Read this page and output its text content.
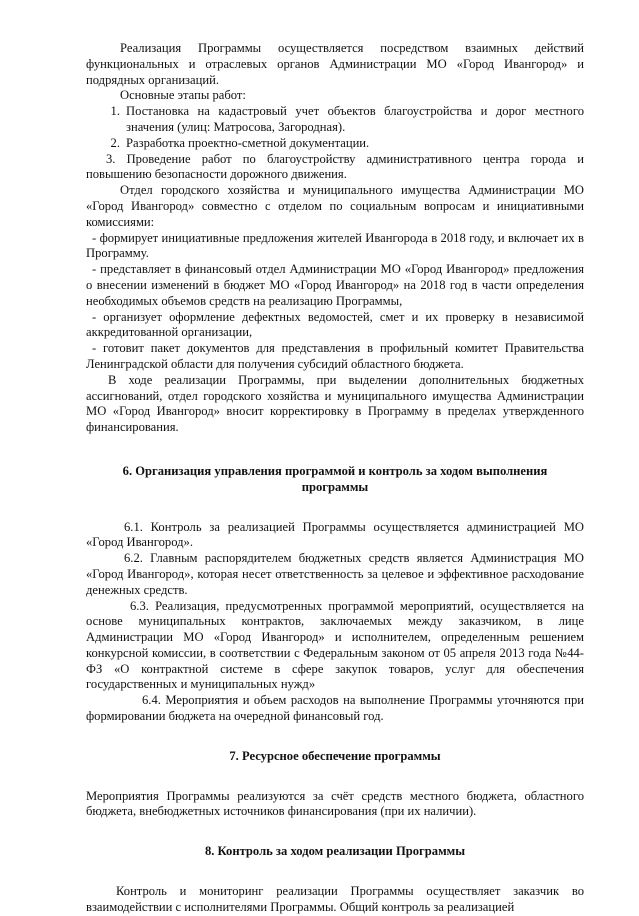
Реализация Программы осуществляется посредством взаимных действий функциональных и отраслевых органов Администрации МО «Город Ивангород» и подрядных организаций.

Основные этапы работ:

1. Постановка на кадастровый учет объектов благоустройства и дорог местного значения (улиц: Матросова, Загородная).
2. Разработка проектно-сметной документации.

3. Проведение работ по благоустройству административного центра города и повышению безопасности дорожного движения.

Отдел городского хозяйства и муниципального имущества Администрации МО «Город Ивангород» совместно с отделом по социальным вопросам и инициативными комиссиями:

- формирует инициативные предложения жителей Ивангорода в 2018 году, и включает их в Программу.

- представляет в финансовый отдел Администрации МО «Город Ивангород» предложения о внесении изменений в бюджет МО «Город Ивангород» на 2018 год в части определения необходимых объемов средств на реализацию Программы,

- организует оформление дефектных ведомостей, смет и их проверку в независимой аккредитованной организации,

- готовит пакет документов для представления в профильный комитет Правительства Ленинградской области для получения субсидий областного бюджета.

В ходе реализации Программы, при выделении дополнительных бюджетных ассигнований, отдел городского хозяйства и муниципального имущества Администрации МО «Город Ивангород» вносит корректировку в Программу в пределах утвержденного финансирования.

6. Организация управления программой и контроль за ходом выполнения программы

6.1. Контроль за реализацией Программы осуществляется администрацией МО «Город Ивангород».

6.2. Главным распорядителем бюджетных средств является Администрация МО «Город Ивангород», которая несет ответственность за целевое и эффективное расходование денежных средств.

6.3. Реализация, предусмотренных программой мероприятий, осуществляется на основе муниципальных контрактов, заключаемых между заказчиком, в лице Администрации МО «Город Ивангород» и исполнителем, определенным решением конкурсной комиссии, в соответствии с Федеральным законом от 05 апреля 2013 года №44-ФЗ «О контрактной системе в сфере закупок товаров, услуг для обеспечения государственных и муниципальных нужд»

6.4. Мероприятия и объем расходов на выполнение Программы уточняются при формировании бюджета на очередной финансовый год.

7. Ресурсное обеспечение программы

Мероприятия Программы реализуются за счёт средств местного бюджета, областного бюджета, внебюджетных источников финансирования (при их наличии).

8. Контроль за ходом реализации Программы

Контроль и мониторинг реализации Программы осуществляет заказчик во взаимодействии с исполнителями Программы. Общий контроль за реализацией
